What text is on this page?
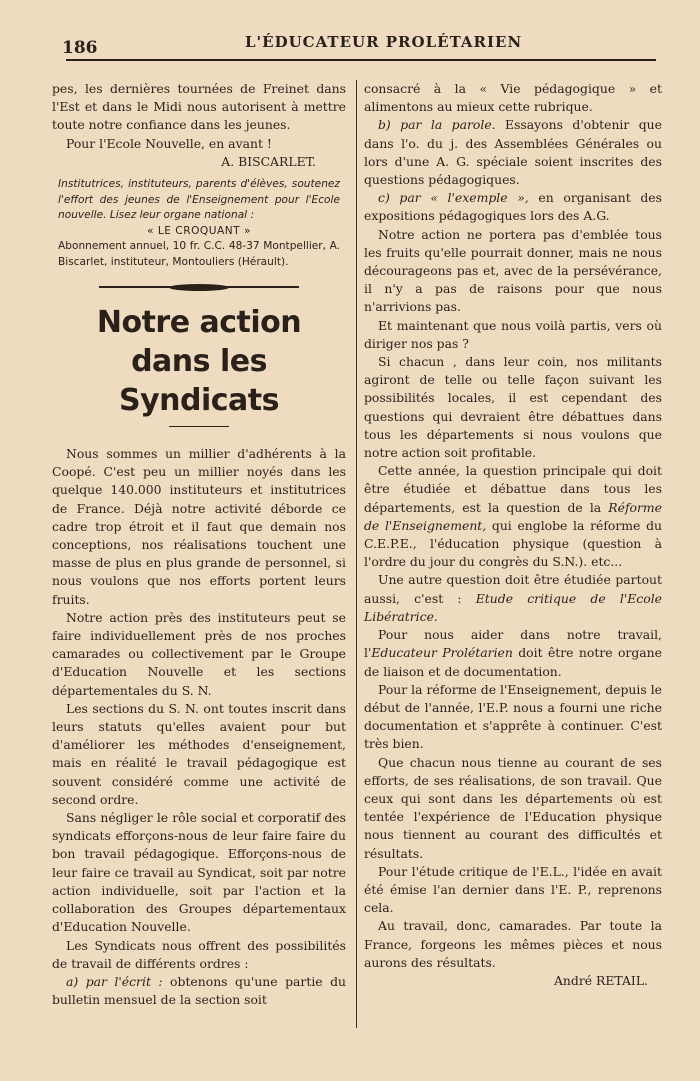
186	L'ÉDUCATEUR PROLÉTARIEN

pes, les dernières tournées de Freinet dans l'Est et dans le Midi nous autorisent à mettre toute notre confiance dans les jeunes.

Pour l'Ecole Nouvelle, en avant !

A. BISCARLET.

Institutrices, instituteurs, parents d'élèves, soutenez l'effort des jeunes de l'Enseignement pour l'Ecole nouvelle. Lisez leur organe national :

« LE CROQUANT »

Abonnement annuel, 10 fr. C.C. 48-37 Montpellier, A. Biscarlet, instituteur, Montouliers (Hérault).

Notre action
dans les Syndicats

Nous sommes un millier d'adhérents à la Coopé. C'est peu un millier noyés dans les quelque 140.000 instituteurs et institutrices de France. Déjà notre activité déborde ce cadre trop étroit et il faut que demain nos conceptions, nos réalisations touchent une masse de plus en plus grande de personnel, si nous voulons que nos efforts portent leurs fruits.

Notre action près des instituteurs peut se faire individuellement près de nos proches camarades ou collectivement par le Groupe d'Education Nouvelle et les sections départementales du S. N.

Les sections du S. N. ont toutes inscrit dans leurs statuts qu'elles avaient pour but d'améliorer les méthodes d'enseignement, mais en réalité le travail pédagogique est souvent considéré comme une activité de second ordre.

Sans négliger le rôle social et corporatif des syndicats efforçons-nous de leur faire faire du bon travail pédagogique. Efforçons-nous de leur faire ce travail au Syndicat, soit par notre action individuelle, soit par l'action et la collaboration des Groupes départementaux d'Education Nouvelle.

Les Syndicats nous offrent des possibilités de travail de différents ordres :

a) par l'écrit : obtenons qu'une partie du bulletin mensuel de la section soit

consacré à la « Vie pédagogique » et alimentons au mieux cette rubrique.

b) par la parole. Essayons d'obtenir que dans l'o. du j. des Assemblées Générales ou lors d'une A. G. spéciale soient inscrites des questions pédagogiques.

c) par « l'exemple », en organisant des expositions pédagogiques lors des A.G.

Notre action ne portera pas d'emblée tous les fruits qu'elle pourrait donner, mais ne nous décourageons pas et, avec de la persévérance, il n'y a pas de raisons pour que nous n'arrivions pas.

Et maintenant que nous voilà partis, vers où diriger nos pas ?

Si chacun , dans leur coin, nos militants agiront de telle ou telle façon suivant les possibilités locales, il est cependant des questions qui devraient être débattues dans tous les départements si nous voulons que notre action soit profitable.

Cette année, la question principale qui doit être étudiée et débattue dans tous les départements, est la question de la Réforme de l'Enseignement, qui englobe la réforme du C.E.P.E., l'éducation physique (question à l'ordre du jour du congrès du S.N.). etc...

Une autre question doit être étudiée partout aussi, c'est : Etude critique de l'Ecole Libératrice.

Pour nous aider dans notre travail, l'Educateur Prolétarien doit être notre organe de liaison et de documentation.

Pour la réforme de l'Enseignement, depuis le début de l'année, l'E.P. nous a fourni une riche documentation et s'apprête à continuer. C'est très bien.

Que chacun nous tienne au courant de ses efforts, de ses réalisations, de son travail. Que ceux qui sont dans les départements où est tentée l'expérience de l'Education physique nous tiennent au courant des difficultés et résultats.

Pour l'étude critique de l'E.L., l'idée en avait été émise l'an dernier dans l'E. P., reprenons cela.

Au travail, donc, camarades. Par toute la France, forgeons les mêmes pièces et nous aurons des résultats.

André RETAIL.
